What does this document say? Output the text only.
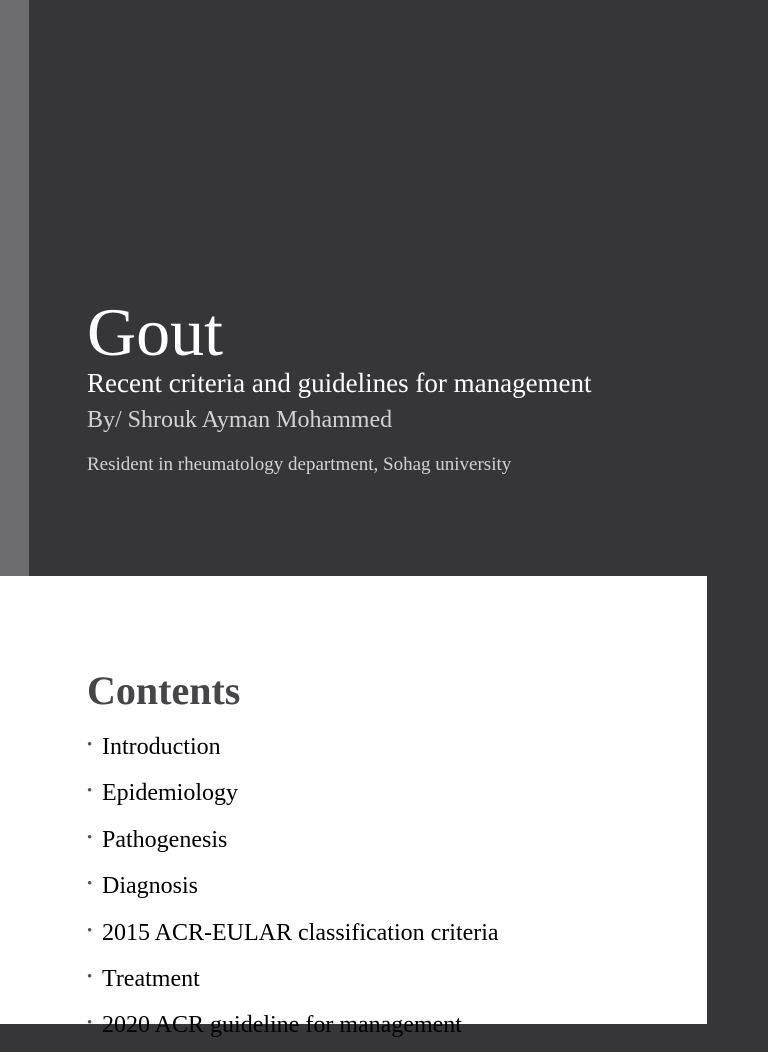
Gout

Recent criteria and guidelines for management

By/ Shrouk Ayman Mohammed

Resident in rheumatology department, Sohag university

Contents
• Introduction
• Epidemiology
• Pathogenesis
• Diagnosis
• 2015 ACR-EULAR classification criteria
• Treatment
• 2020 ACR guideline for management
